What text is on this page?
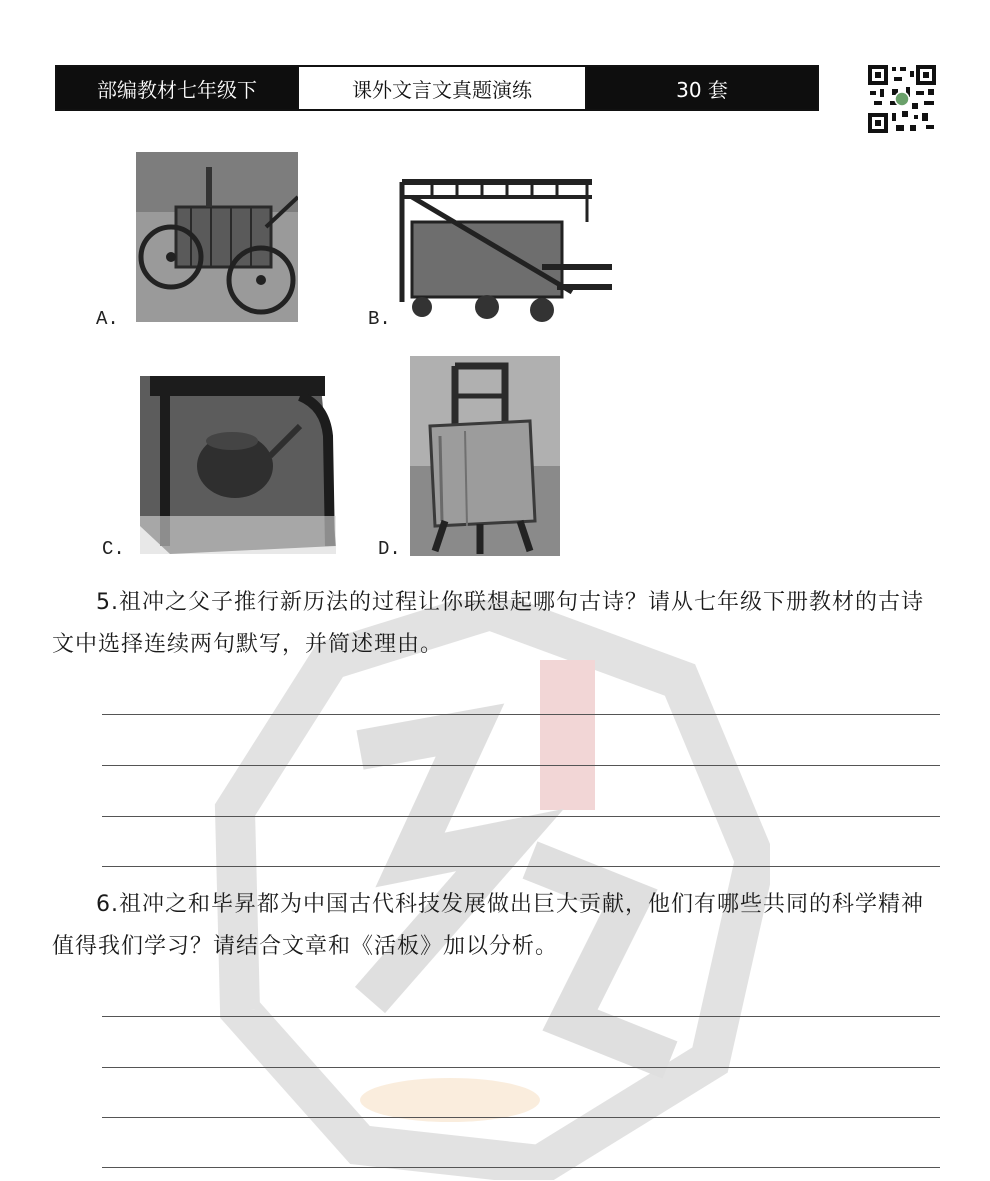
部编教材七年级下	课外文言文真题演练	30 套
A.	B.
C.	D.
5.祖冲之父子推行新历法的过程让你联想起哪句古诗？请从七年级下册教材的古诗文中选择连续两句默写，并简述理由。
6.祖冲之和毕昇都为中国古代科技发展做出巨大贡献，他们有哪些共同的科学精神值得我们学习？请结合文章和《活板》加以分析。
